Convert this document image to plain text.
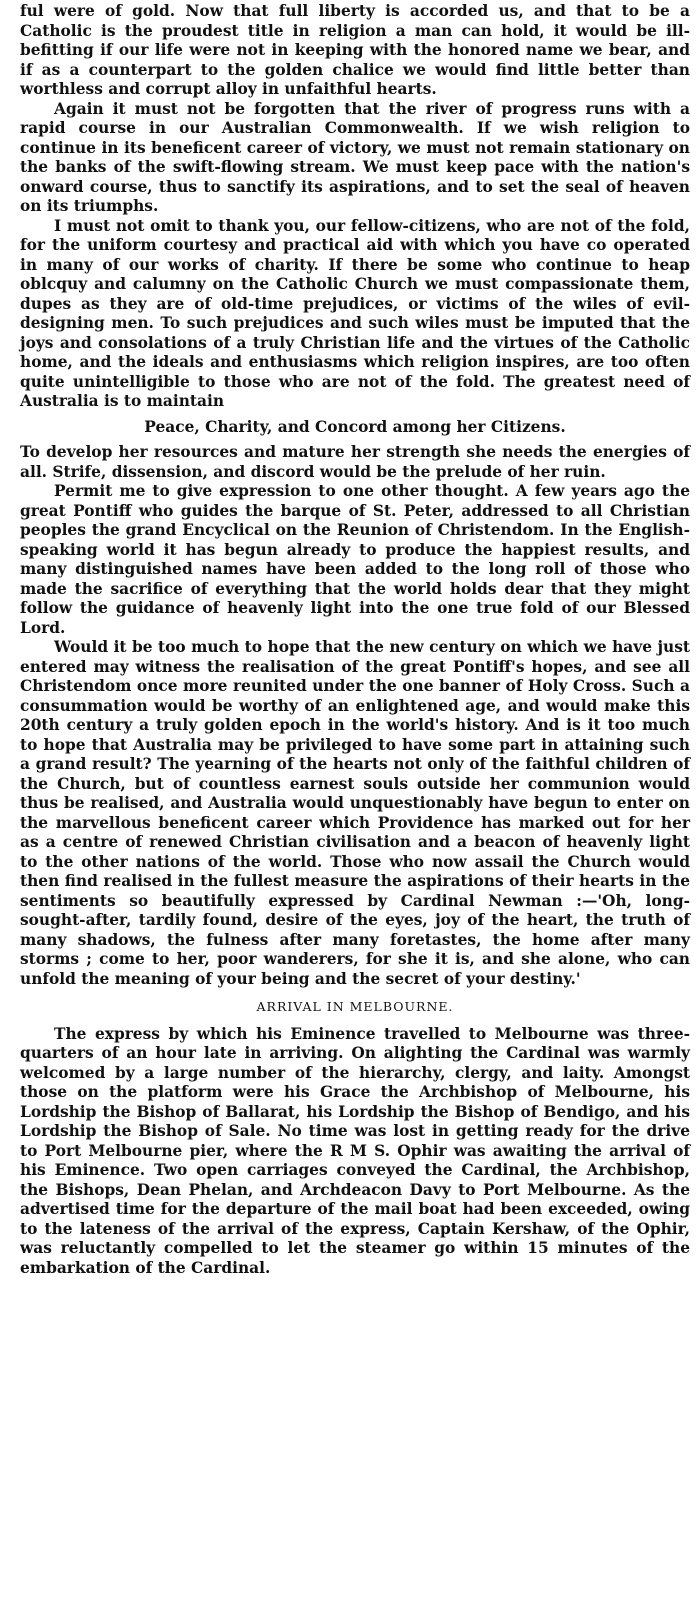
ful were of gold. Now that full liberty is accorded us, and that to be a Catholic is the proudest title in religion a man can hold, it would be ill-befitting if our life were not in keeping with the honored name we bear, and if as a counterpart to the golden chalice we would find little better than worthless and corrupt alloy in unfaithful hearts.

Again it must not be forgotten that the river of progress runs with a rapid course in our Australian Commonwealth. If we wish religion to continue in its beneficent career of victory, we must not remain stationary on the banks of the swift-flowing stream. We must keep pace with the nation's onward course, thus to sanctify its aspirations, and to set the seal of heaven on its triumphs.

I must not omit to thank you, our fellow-citizens, who are not of the fold, for the uniform courtesy and practical aid with which you have co operated in many of our works of charity. If there be some who continue to heap oblcquy and calumny on the Catholic Church we must compassionate them, dupes as they are of old-time prejudices, or victims of the wiles of evil-designing men. To such prejudices and such wiles must be imputed that the joys and consolations of a truly Christian life and the virtues of the Catholic home, and the ideals and enthusiasms which religion inspires, are too often quite unintelligible to those who are not of the fold. The greatest need of Australia is to maintain

Peace, Charity, and Concord among her Citizens.

To develop her resources and mature her strength she needs the energies of all. Strife, dissension, and discord would be the prelude of her ruin.

Permit me to give expression to one other thought. A few years ago the great Pontiff who guides the barque of St. Peter, addressed to all Christian peoples the grand Encyclical on the Reunion of Christendom. In the English-speaking world it has begun already to produce the happiest results, and many distinguished names have been added to the long roll of those who made the sacrifice of everything that the world holds dear that they might follow the guidance of heavenly light into the one true fold of our Blessed Lord.

Would it be too much to hope that the new century on which we have just entered may witness the realisation of the great Pontiff's hopes, and see all Christendom once more reunited under the one banner of Holy Cross. Such a consummation would be worthy of an enlightened age, and would make this 20th century a truly golden epoch in the world's history. And is it too much to hope that Australia may be privileged to have some part in attaining such a grand result? The yearning of the hearts not only of the faithful children of the Church, but of countless earnest souls outside her communion would thus be realised, and Australia would unquestionably have begun to enter on the marvellous beneficent career which Providence has marked out for her as a centre of renewed Christian civilisation and a beacon of heavenly light to the other nations of the world. Those who now assail the Church would then find realised in the fullest measure the aspirations of their hearts in the sentiments so beautifully expressed by Cardinal Newman :—'Oh, long-sought-after, tardily found, desire of the eyes, joy of the heart, the truth of many shadows, the fulness after many foretastes, the home after many storms ; come to her, poor wanderers, for she it is, and she alone, who can unfold the meaning of your being and the secret of your destiny.'

ARRIVAL IN MELBOURNE.

The express by which his Eminence travelled to Melbourne was three-quarters of an hour late in arriving. On alighting the Cardinal was warmly welcomed by a large number of the hierarchy, clergy, and laity. Amongst those on the platform were his Grace the Archbishop of Melbourne, his Lordship the Bishop of Ballarat, his Lordship the Bishop of Bendigo, and his Lordship the Bishop of Sale. No time was lost in getting ready for the drive to Port Melbourne pier, where the R M S. Ophir was awaiting the arrival of his Eminence. Two open carriages conveyed the Cardinal, the Archbishop, the Bishops, Dean Phelan, and Archdeacon Davy to Port Melbourne. As the advertised time for the departure of the mail boat had been exceeded, owing to the lateness of the arrival of the express, Captain Kershaw, of the Ophir, was reluctantly compelled to let the steamer go within 15 minutes of the embarkation of the Cardinal.
